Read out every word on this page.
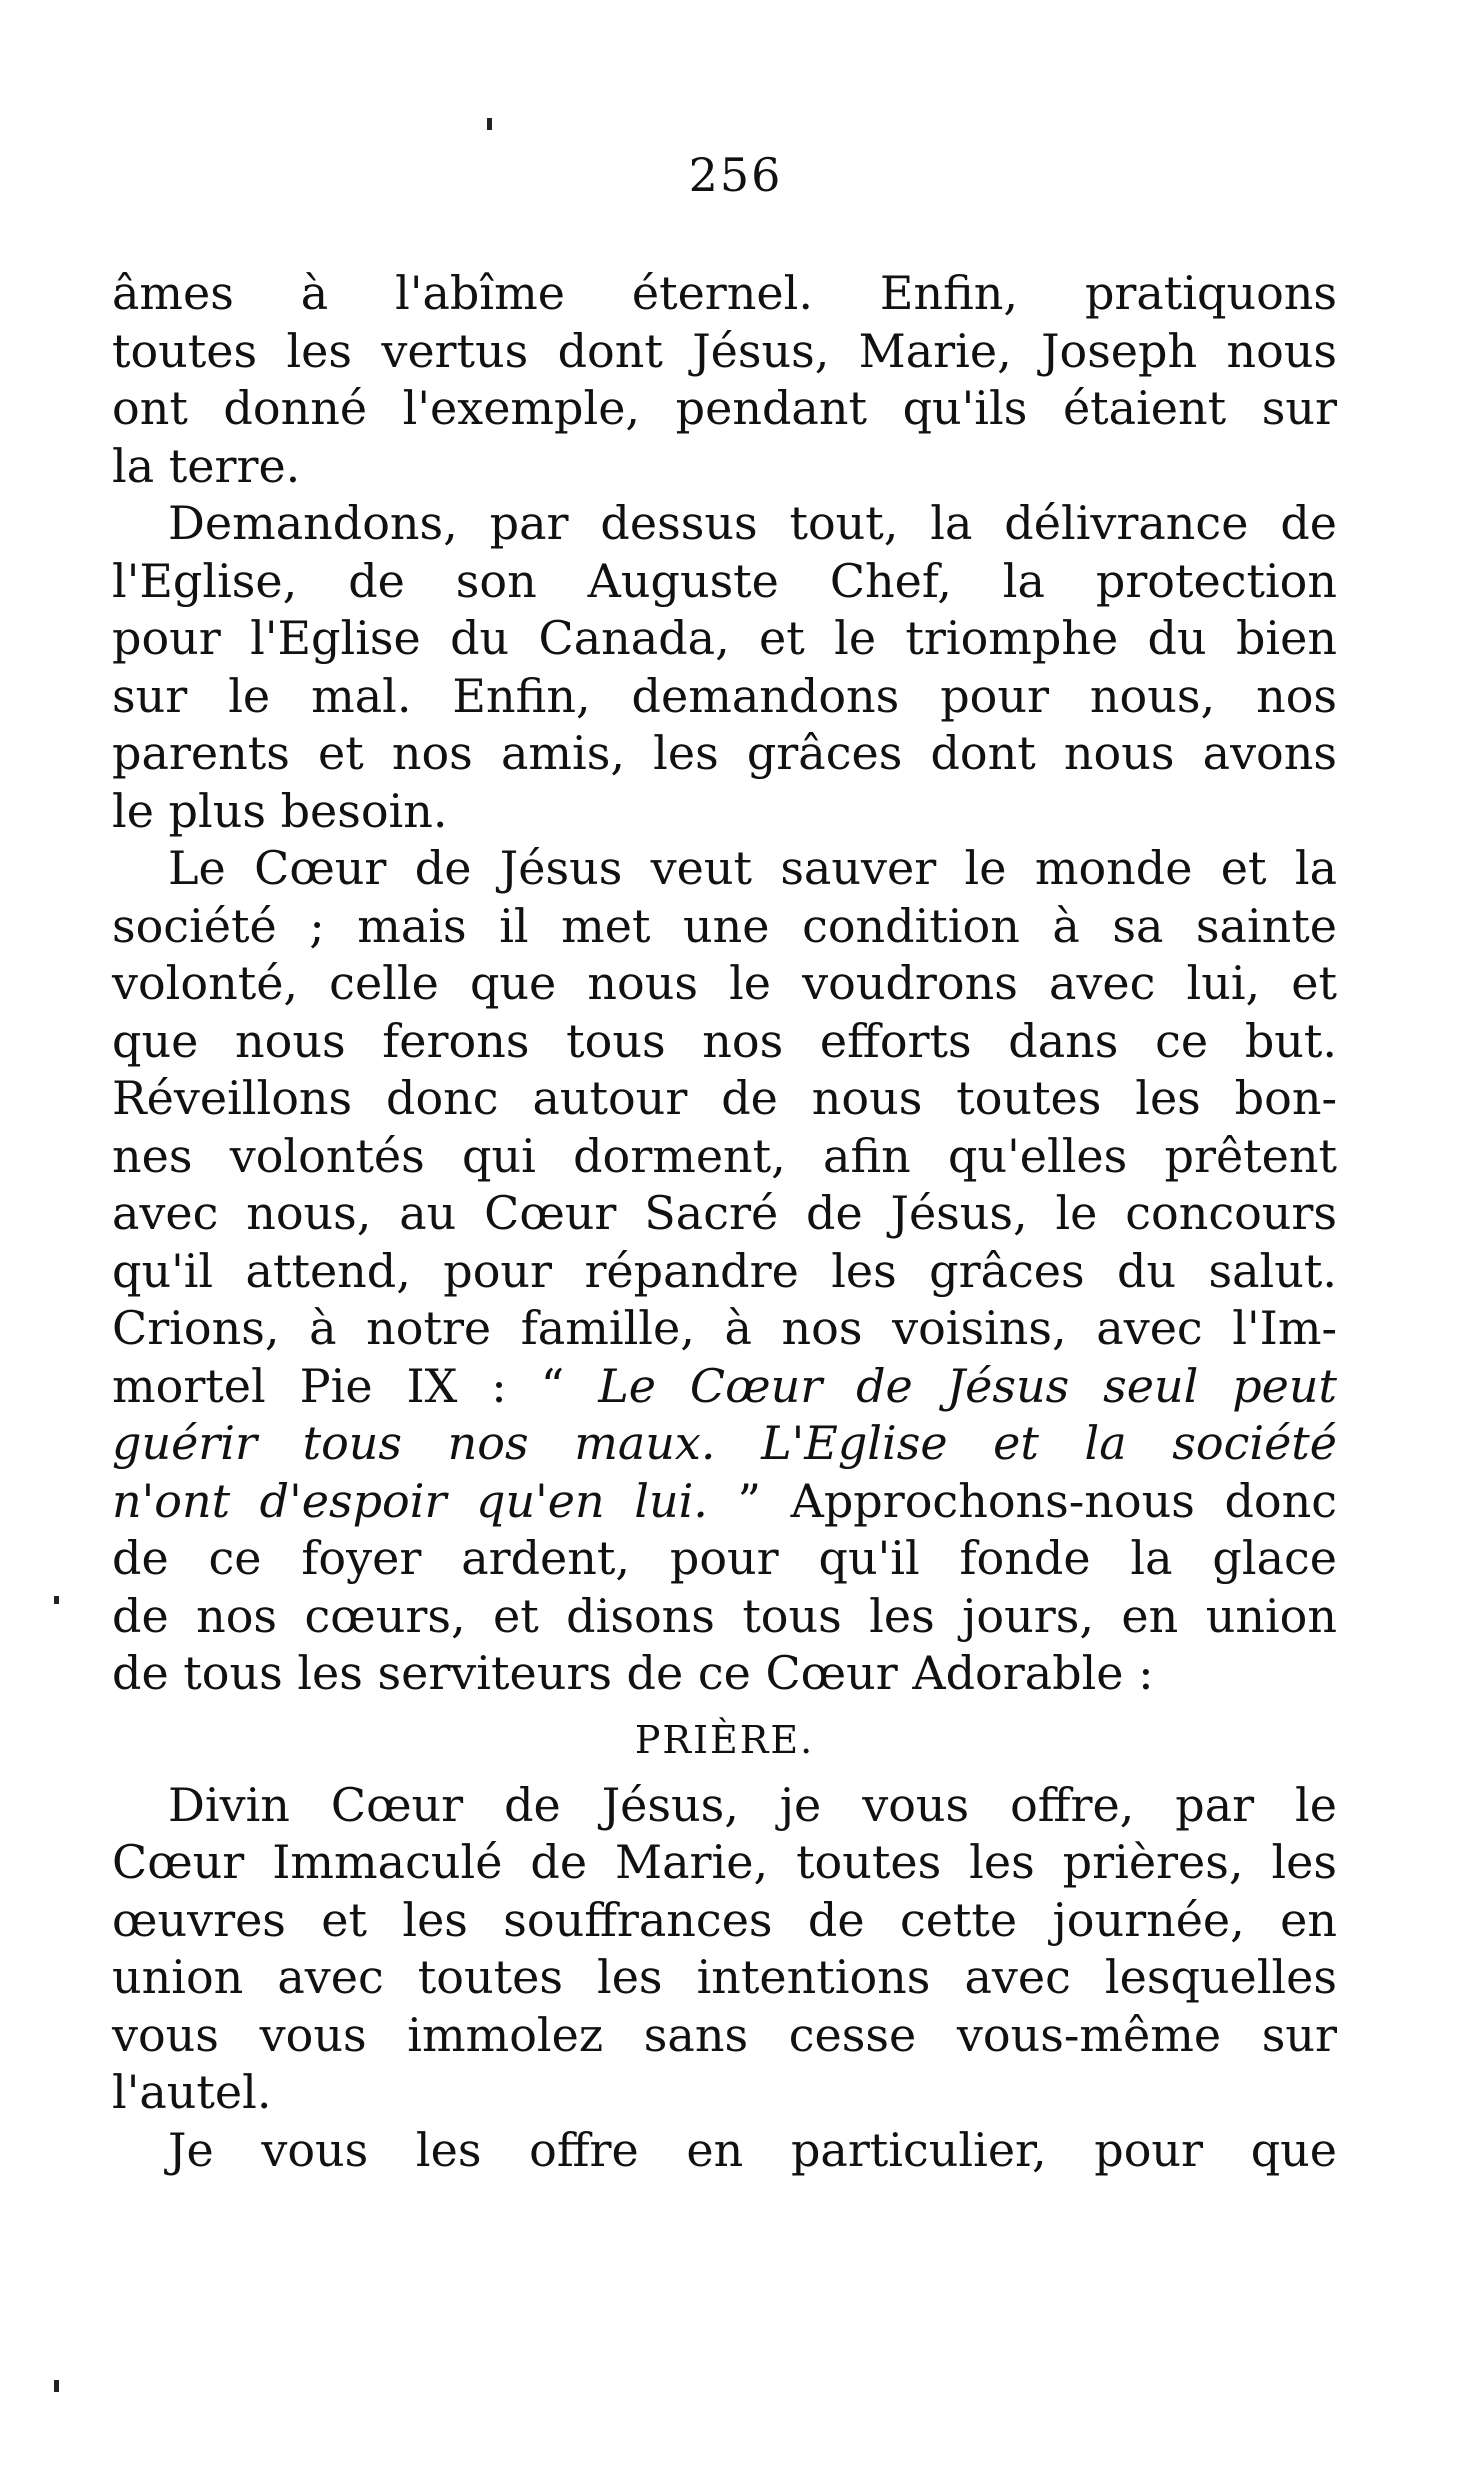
256
âmes à l'abîme éternel. Enfin, pratiquons
toutes les vertus dont Jésus, Marie, Joseph nous
ont donné l'exemple, pendant qu'ils étaient sur
la terre.
Demandons, par dessus tout, la délivrance de
l'Eglise, de son Auguste Chef, la protection
pour l'Eglise du Canada, et le triomphe du bien
sur le mal. Enfin, demandons pour nous, nos
parents et nos amis, les grâces dont nous avons
le plus besoin.
Le Cœur de Jésus veut sauver le monde et la
société ; mais il met une condition à sa sainte
volonté, celle que nous le voudrons avec lui, et
que nous ferons tous nos efforts dans ce but.
Réveillons donc autour de nous toutes les bon-
nes volontés qui dorment, afin qu'elles prêtent
avec nous, au Cœur Sacré de Jésus, le concours
qu'il attend, pour répandre les grâces du salut.
Crions, à notre famille, à nos voisins, avec l'Im-
mortel Pie IX : “ Le Cœur de Jésus seul peut
guérir tous nos maux. L'Eglise et la société
n'ont d'espoir qu'en lui. ” Approchons-nous donc
de ce foyer ardent, pour qu'il fonde la glace
de nos cœurs, et disons tous les jours, en union
de tous les serviteurs de ce Cœur Adorable :
PRIÈRE.
Divin Cœur de Jésus, je vous offre, par le
Cœur Immaculé de Marie, toutes les prières, les
œuvres et les souffrances de cette journée, en
union avec toutes les intentions avec lesquelles
vous vous immolez sans cesse vous-même sur
l'autel.
Je vous les offre en particulier, pour que
